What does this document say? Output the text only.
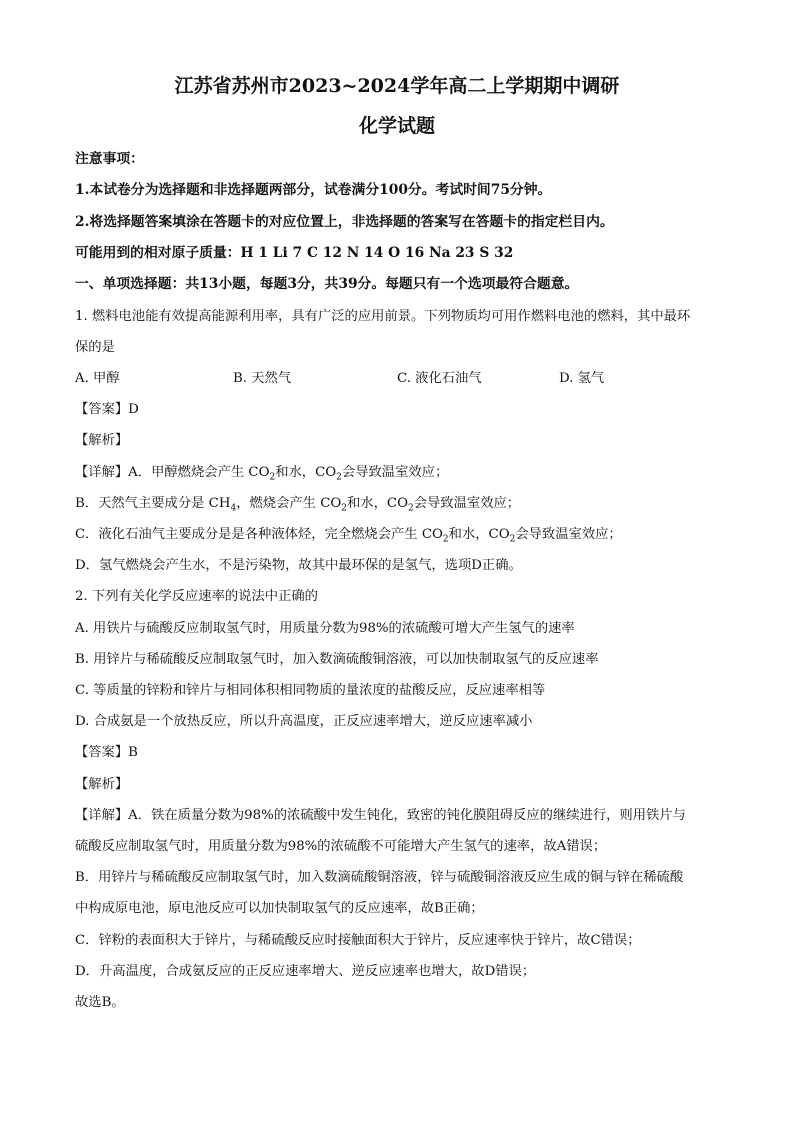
江苏省苏州市2023~2024学年高二上学期期中调研
化学试题
注意事项：
1.本试卷分为选择题和非选择题两部分，试卷满分100分。考试时间75分钟。
2.将选择题答案填涂在答题卡的对应位置上，非选择题的答案写在答题卡的指定栏目内。
可能用到的相对原子质量：H 1 Li 7 C 12 N 14 O 16 Na 23 S 32
一、单项选择题：共13小题，每题3分，共39分。每题只有一个选项最符合题意。
1. 燃料电池能有效提高能源利用率，具有广泛的应用前景。下列物质均可用作燃料电池的燃料，其中最环
保的是
A. 甲醇	B. 天然气	C. 液化石油气	D. 氢气
【答案】D
【解析】
【详解】A．甲醇燃烧会产生 $CO_2$和水，$CO_2$会导致温室效应；
B．天然气主要成分是 $CH_4$，燃烧会产生 $CO_2$和水，$CO_2$会导致温室效应；
C．液化石油气主要成分是是各种液体烃，完全燃烧会产生 $CO_2$和水，$CO_2$会导致温室效应；
D．氢气燃烧会产生水，不是污染物，故其中最环保的是氢气，选项D正确。
2. 下列有关化学反应速率的说法中正确的
A. 用铁片与硫酸反应制取氢气时，用质量分数为98%的浓硫酸可增大产生氢气的速率
B. 用锌片与稀硫酸反应制取氢气时，加入数滴硫酸铜溶液，可以加快制取氢气的反应速率
C. 等质量的锌粉和锌片与相同体积相同物质的量浓度的盐酸反应，反应速率相等
D. 合成氨是一个放热反应，所以升高温度，正反应速率增大，逆反应速率减小
【答案】B
【解析】
【详解】A．铁在质量分数为98%的浓硫酸中发生钝化，致密的钝化膜阻碍反应的继续进行，则用铁片与
硫酸反应制取氢气时，用质量分数为98%的浓硫酸不可能增大产生氢气的速率，故A错误；
B．用锌片与稀硫酸反应制取氢气时，加入数滴硫酸铜溶液，锌与硫酸铜溶液反应生成的铜与锌在稀硫酸
中构成原电池，原电池反应可以加快制取氢气的反应速率，故B正确；
C．锌粉的表面积大于锌片，与稀硫酸反应时接触面积大于锌片，反应速率快于锌片，故C错误；
D．升高温度，合成氨反应的正反应速率增大、逆反应速率也增大，故D错误；
故选B。
